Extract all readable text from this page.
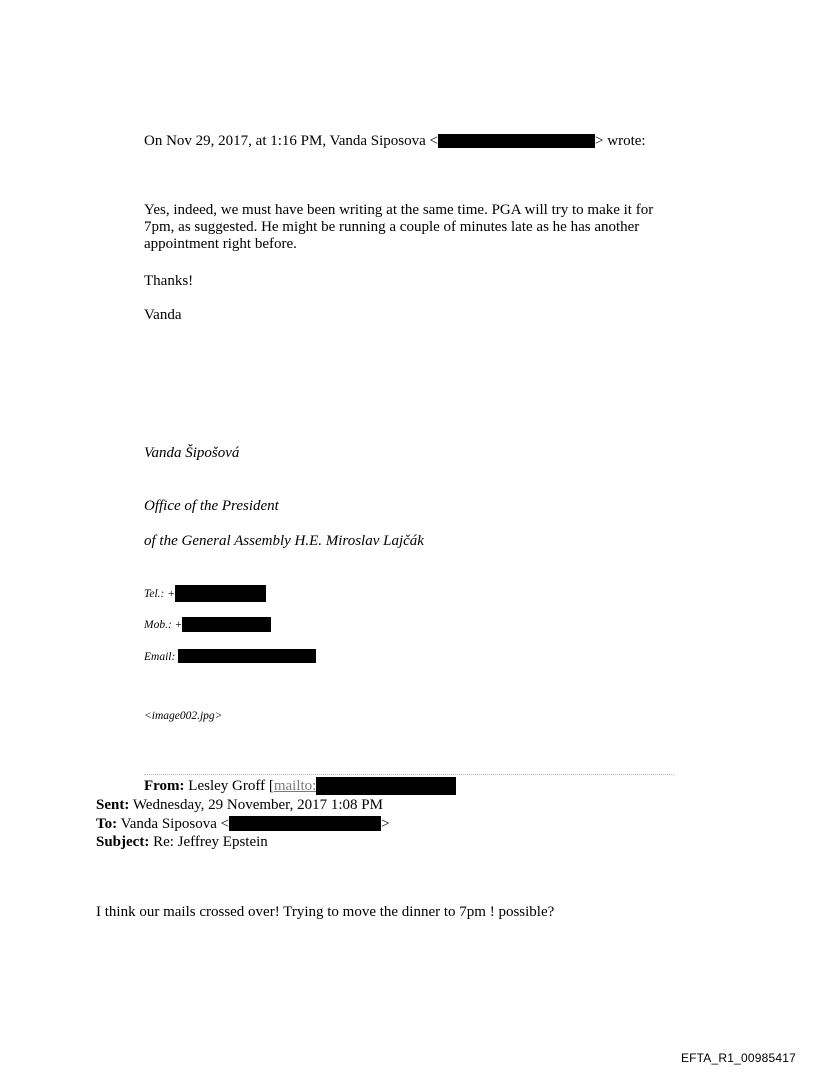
On Nov 29, 2017, at 1:16 PM, Vanda Siposova <	> wrote:
Yes, indeed, we must have been writing at the same time. PGA will try to make it for 7pm, as suggested. He might be running a couple of minutes late as he has another appointment right before.
Thanks!
Vanda
Vanda Šipošová
Office of the President
of the General Assembly H.E. Miroslav Lajčák
Tel.: +
Mob.: +
Email:
<image002.jpg>
From: Lesley Groff [mailto:
Sent: Wednesday, 29 November, 2017 1:08 PM
To: Vanda Siposova <	>
Subject: Re: Jeffrey Epstein
I think our mails crossed over! Trying to move the dinner to 7pm ! possible?
EFTA_R1_00985417
